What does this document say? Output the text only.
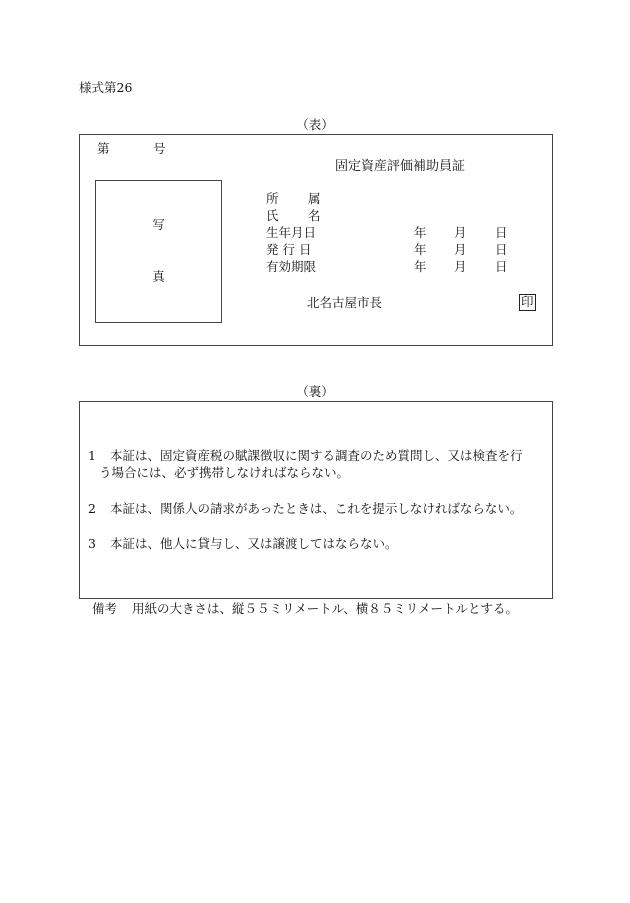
様式第26
（表）
第	号
固定資産評価補助員証
写
真
所 属
氏 名
生年月日
発 行 日
有効期限
年 月 日
年 月 日
年 月 日
北名古屋市長	印
（裏）
1 本証は、固定資産税の賦課徴収に関する調査のため質問し、又は検査を行
う場合には、必ず携帯しなければならない。
2 本証は、関係人の請求があったときは、これを提示しなければならない。
3 本証は、他人に貸与し、又は譲渡してはならない。
備考 用紙の大きさは、縦５５ミリメートル、横８５ミリメートルとする。
